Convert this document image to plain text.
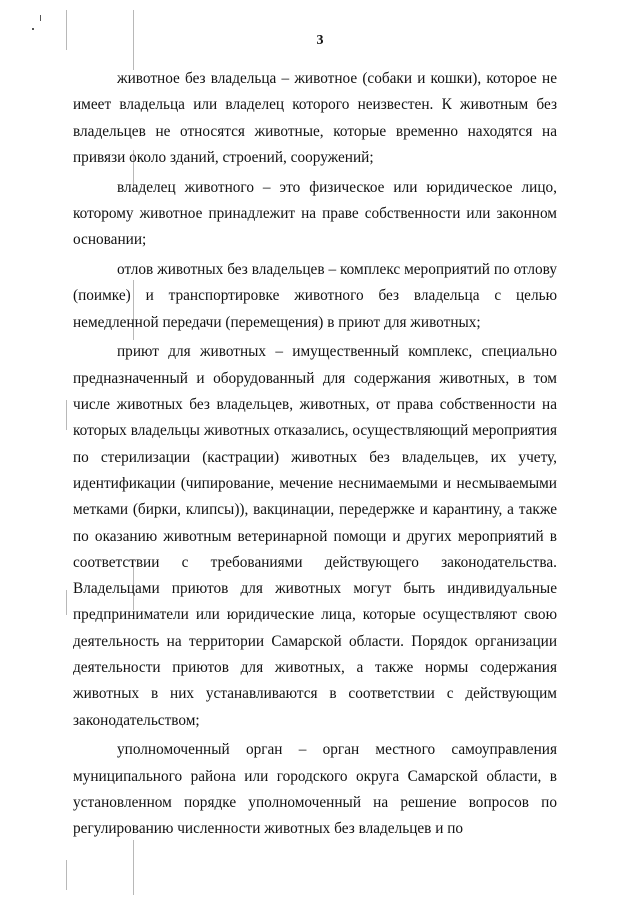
3

животное без владельца – животное (собаки и кошки), которое не имеет владельца или владелец которого неизвестен. К животным без владельцев не относятся животные, которые временно находятся на привязи около зданий, строений, сооружений;

владелец животного – это физическое или юридическое лицо, которому животное принадлежит на праве собственности или законном основании;

отлов животных без владельцев – комплекс мероприятий по отлову (поимке) и транспортировке животного без владельца с целью немедленной передачи (перемещения) в приют для животных;

приют для животных – имущественный комплекс, специально предназначенный и оборудованный для содержания животных, в том числе животных без владельцев, животных, от права собственности на которых владельцы животных отказались, осуществляющий мероприятия по стерилизации (кастрации) животных без владельцев, их учету, идентификации (чипирование, мечение неснимаемыми и несмываемыми метками (бирки, клипсы)), вакцинации, передержке и карантину, а также по оказанию животным ветеринарной помощи и других мероприятий в соответствии с требованиями действующего законодательства. Владельцами приютов для животных могут быть индивидуальные предприниматели или юридические лица, которые осуществляют свою деятельность на территории Самарской области. Порядок организации деятельности приютов для животных, а также нормы содержания животных в них устанавливаются в соответствии с действующим законодательством;

уполномоченный орган – орган местного самоуправления муниципального района или городского округа Самарской области, в установленном порядке уполномоченный на решение вопросов по регулированию численности животных без владельцев и по
